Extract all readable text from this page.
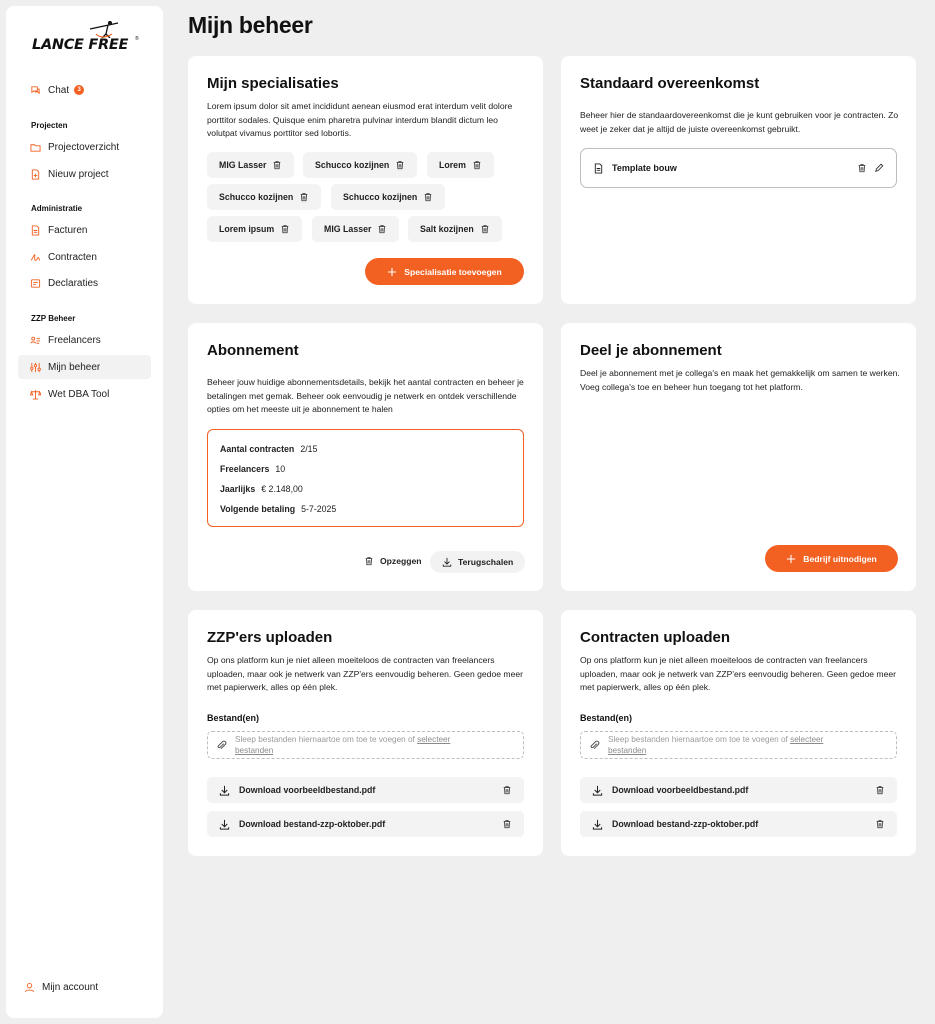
LANCE FREE ®
Chat	3
Projecten
Projectoverzicht
Nieuw project
Administratie
Facturen
Contracten
Declaraties
ZZP Beheer
Freelancers
Mijn beheer
Wet DBA Tool
Mijn account
Mijn beheer
Mijn specialisaties

Lorem ipsum dolor sit amet incididunt aenean eiusmod erat interdum velit dolore porttitor sodales. Quisque enim pharetra pulvinar interdum blandit dictum leo volutpat vivamus porttitor sed lobortis.

MIG Lasser	Schucco kozijnen	Lorem
Schucco kozijnen	Schucco kozijnen
Lorem ipsum	MIG Lasser	Salt kozijnen
Specialisatie toevoegen
Standaard overeenkomst

Beheer hier de standaardovereenkomst die je kunt gebruiken voor je contracten. Zo weet je zeker dat je altijd de juiste overeenkomst gebruikt.

Template bouw
Abonnement

Beheer jouw huidige abonnementsdetails, bekijk het aantal contracten en beheer je betalingen met gemak. Beheer ook eenvoudig je netwerk en ontdek verschillende opties om het meeste uit je abonnement te halen

Aantal contracten 2/15
Freelancers 10
Jaarlijks € 2.148,00
Volgende betaling 5-7-2025
Opzeggen	Terugschalen
Deel je abonnement

Deel je abonnement met je collega's en maak het gemakkelijk om samen te werken. Voeg collega's toe en beheer hun toegang tot het platform.

Bedrijf uitnodigen
ZZP'ers uploaden

Op ons platform kun je niet alleen moeiteloos de contracten van freelancers uploaden, maar ook je netwerk van ZZP'ers eenvoudig beheren. Geen gedoe meer met papierwerk, alles op één plek.

Bestand(en)
Sleep bestanden hiernaartoe om toe te voegen of selecteer bestanden
Download voorbeeldbestand.pdf
Download bestand-zzp-oktober.pdf
Contracten uploaden

Op ons platform kun je niet alleen moeiteloos de contracten van freelancers uploaden, maar ook je netwerk van ZZP'ers eenvoudig beheren. Geen gedoe meer met papierwerk, alles op één plek.

Bestand(en)
Sleep bestanden hiernaartoe om toe te voegen of selecteer bestanden
Download voorbeeldbestand.pdf
Download bestand-zzp-oktober.pdf
